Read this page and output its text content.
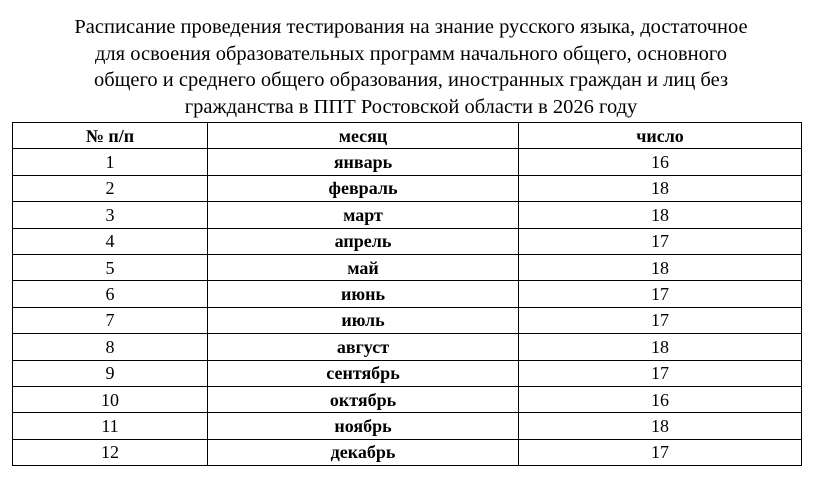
Расписание проведения тестирования на знание русского языка, достаточное
для освоения образовательных программ начального общего, основного
общего и среднего общего образования, иностранных граждан и лиц без
гражданства в ППТ Ростовской области в 2026 году
№ п/п	месяц	число
1	январь	16
2	февраль	18
3	март	18
4	апрель	17
5	май	18
6	июнь	17
7	июль	17
8	август	18
9	сентябрь	17
10	октябрь	16
11	ноябрь	18
12	декабрь	17
